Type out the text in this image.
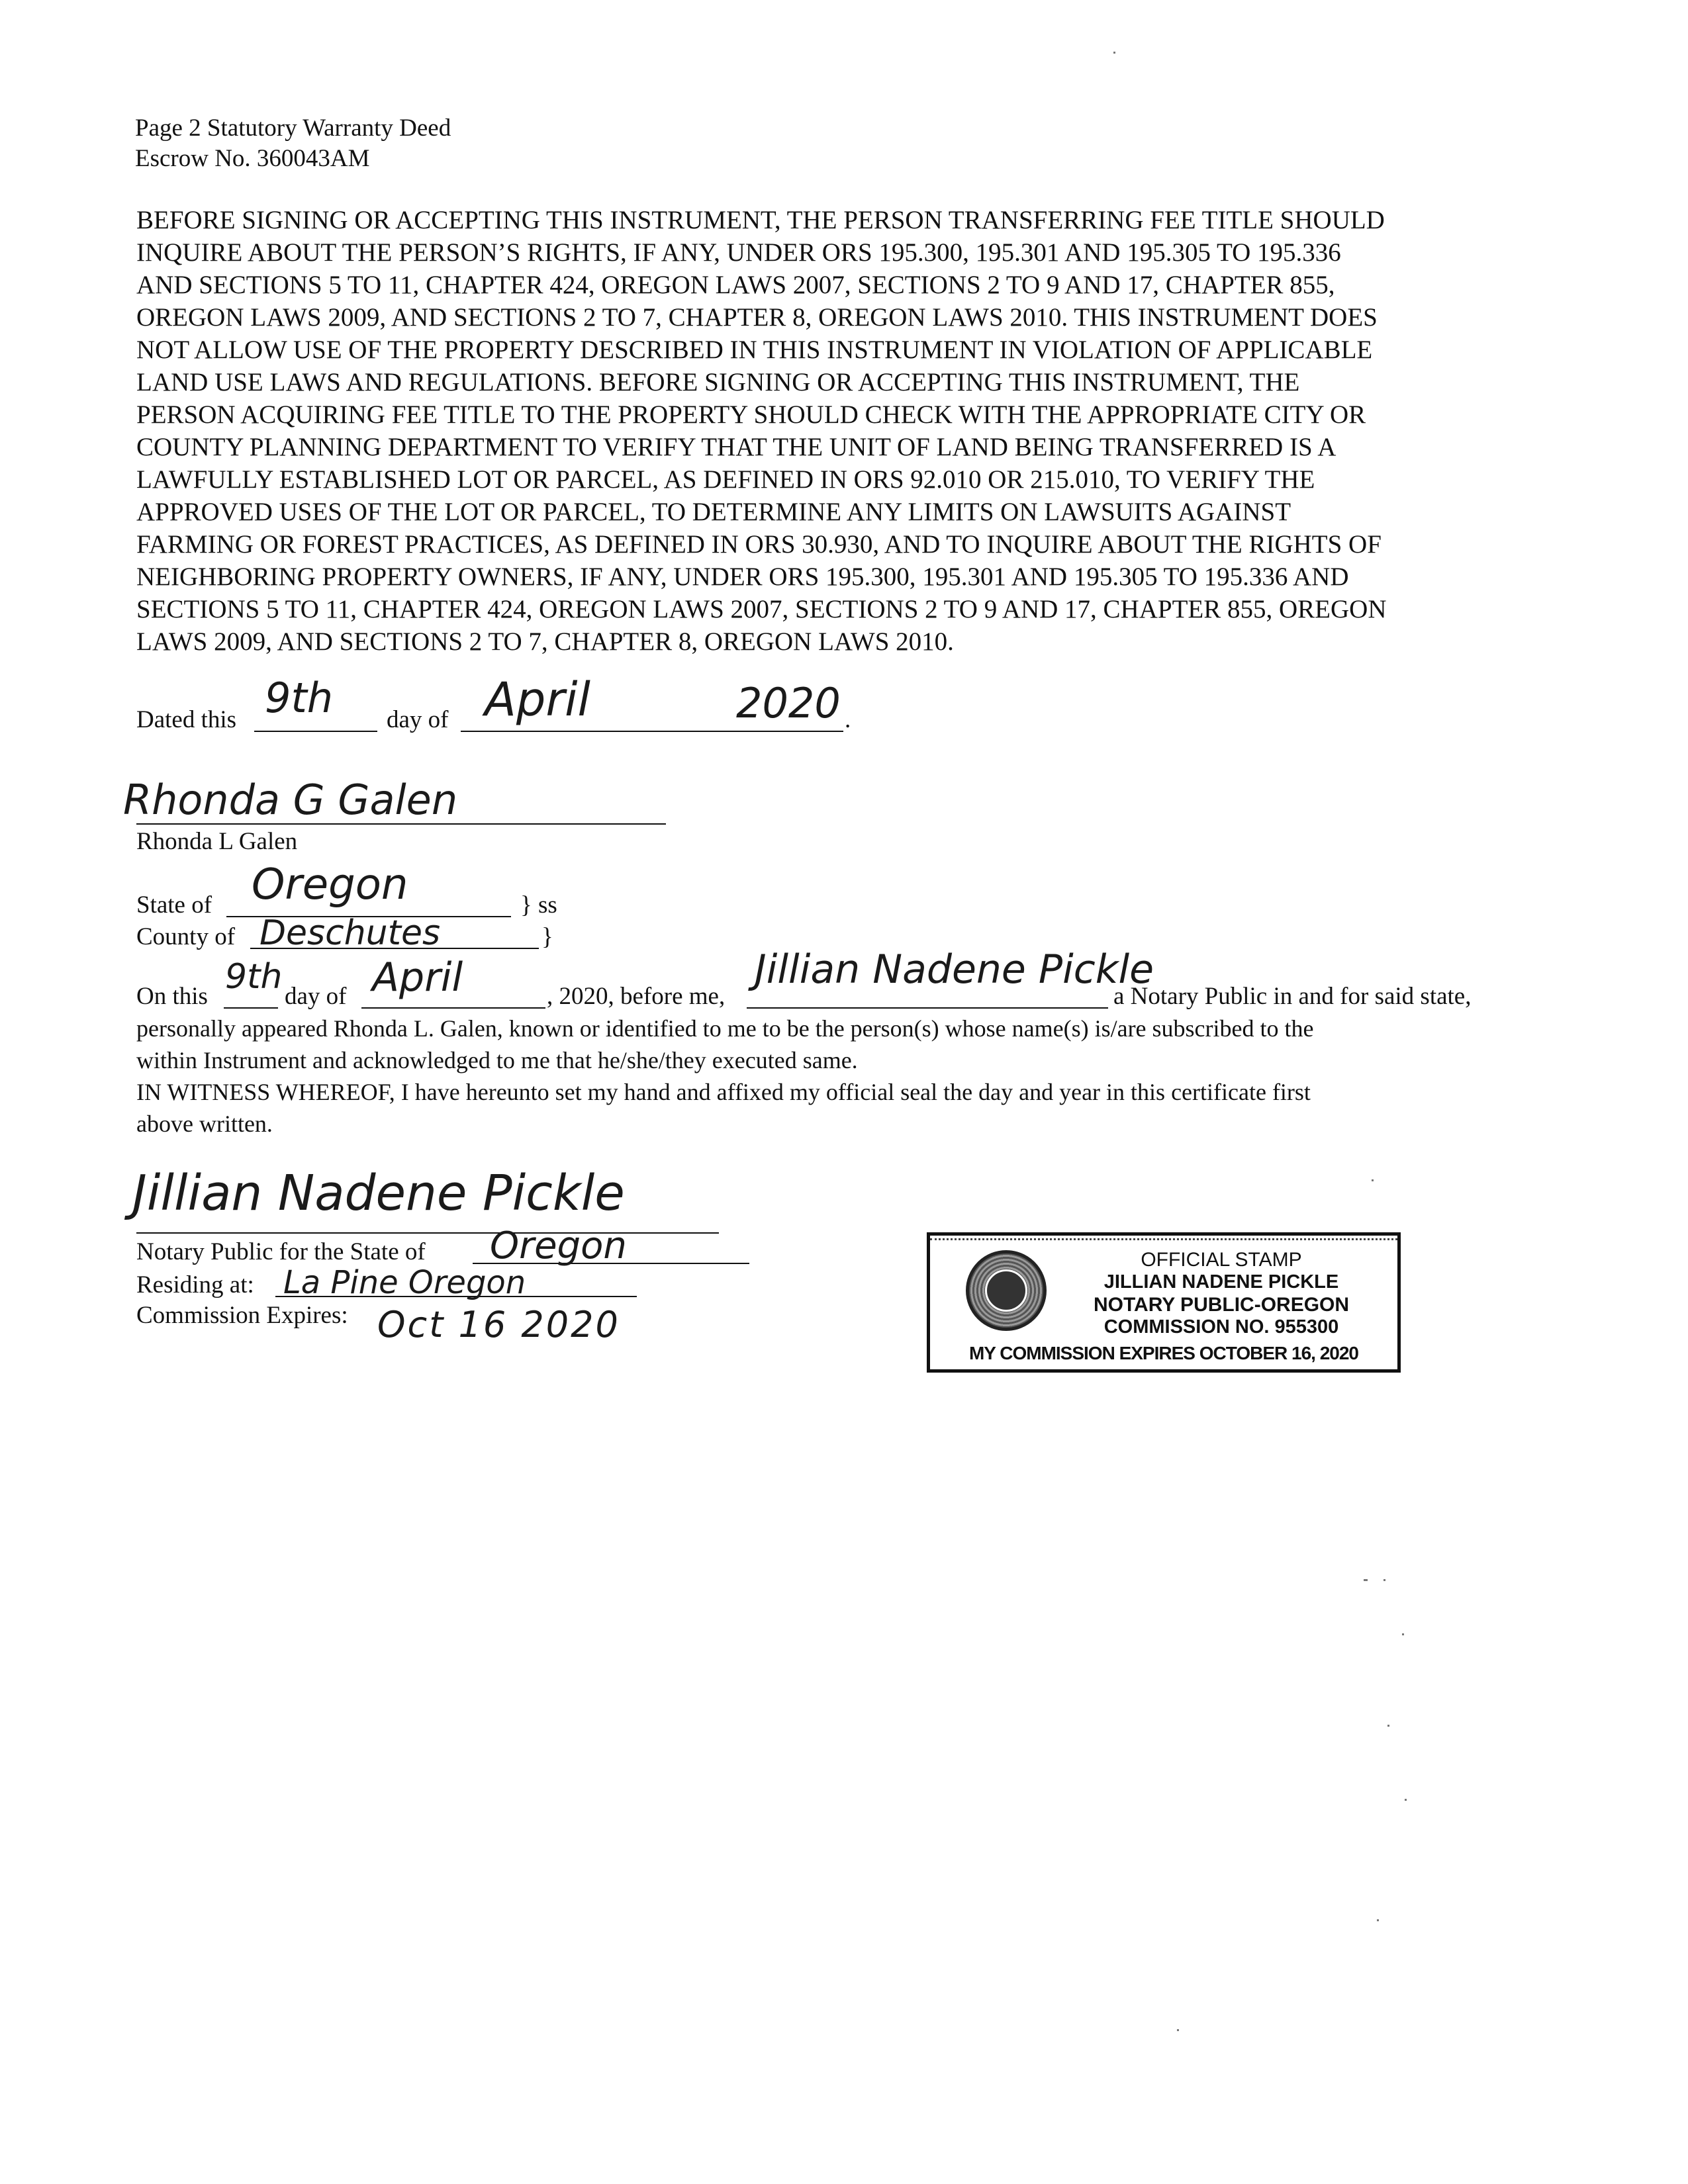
Page 2 Statutory Warranty Deed
Escrow No. 360043AM
BEFORE SIGNING OR ACCEPTING THIS INSTRUMENT, THE PERSON TRANSFERRING FEE TITLE SHOULD
INQUIRE ABOUT THE PERSON’S RIGHTS, IF ANY, UNDER ORS 195.300, 195.301 AND 195.305 TO 195.336
AND SECTIONS 5 TO 11, CHAPTER 424, OREGON LAWS 2007, SECTIONS 2 TO 9 AND 17, CHAPTER 855,
OREGON LAWS 2009, AND SECTIONS 2 TO 7, CHAPTER 8, OREGON LAWS 2010. THIS INSTRUMENT DOES
NOT ALLOW USE OF THE PROPERTY DESCRIBED IN THIS INSTRUMENT IN VIOLATION OF APPLICABLE
LAND USE LAWS AND REGULATIONS. BEFORE SIGNING OR ACCEPTING THIS INSTRUMENT, THE
PERSON ACQUIRING FEE TITLE TO THE PROPERTY SHOULD CHECK WITH THE APPROPRIATE CITY OR
COUNTY PLANNING DEPARTMENT TO VERIFY THAT THE UNIT OF LAND BEING TRANSFERRED IS A
LAWFULLY ESTABLISHED LOT OR PARCEL, AS DEFINED IN ORS 92.010 OR 215.010, TO VERIFY THE
APPROVED USES OF THE LOT OR PARCEL, TO DETERMINE ANY LIMITS ON LAWSUITS AGAINST
FARMING OR FOREST PRACTICES, AS DEFINED IN ORS 30.930, AND TO INQUIRE ABOUT THE RIGHTS OF
NEIGHBORING PROPERTY OWNERS, IF ANY, UNDER ORS 195.300, 195.301 AND 195.305 TO 195.336 AND
SECTIONS 5 TO 11, CHAPTER 424, OREGON LAWS 2007, SECTIONS 2 TO 9 AND 17, CHAPTER 855, OREGON
LAWS 2009, AND SECTIONS 2 TO 7, CHAPTER 8, OREGON LAWS 2010.
Dated this 9th day of April	2020 .
Rhonda G Galen
Rhonda L Galen
State of Oregon	} ss
County of Deschutes	}
On this 9th day of April	, 2020, before me,
Jillian Nadene Pickle
a Notary Public in and for said state,
personally appeared Rhonda L. Galen, known or identified to me to be the person(s) whose name(s) is/are subscribed to the
within Instrument and acknowledged to me that he/she/they executed same.
IN WITNESS WHEREOF, I have hereunto set my hand and affixed my official seal the day and year in this certificate first
above written.
Jillian Nadene Pickle
Notary Public for the State of Oregon
Residing at: La Pine Oregon
Commission Expires: Oct 16 2020
OFFICIAL STAMP
JILLIAN NADENE PICKLE
NOTARY PUBLIC-OREGON
COMMISSION NO. 955300
MY COMMISSION EXPIRES OCTOBER 16, 2020
